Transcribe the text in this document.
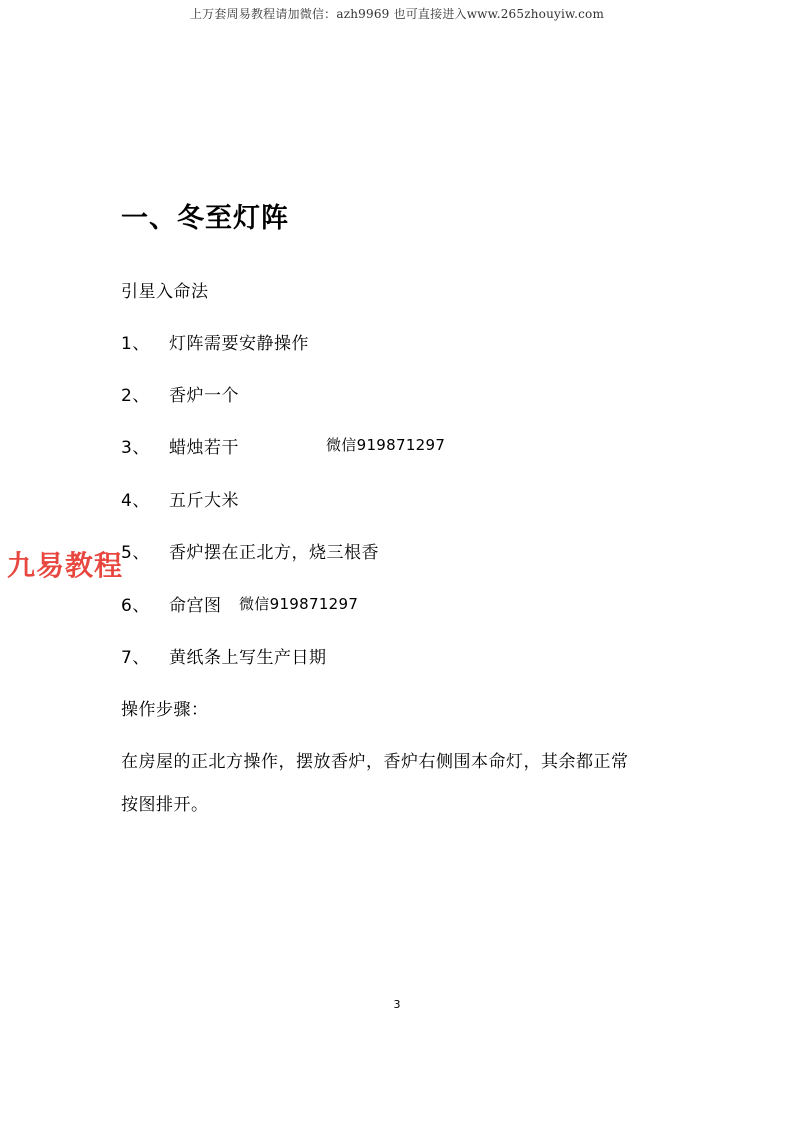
上万套周易教程请加微信：azh9969 也可直接进入www.265zhouyiw.com
一、冬至灯阵
引星入命法
1、 灯阵需要安静操作
2、 香炉一个
3、 蜡烛若干	微信919871297
4、 五斤大米
5、 香炉摆在正北方，烧三根香
6、 命宫图 微信919871297
7、 黄纸条上写生产日期
操作步骤：
在房屋的正北方操作，摆放香炉，香炉右侧围本命灯，其余都正常
按图排开。
九易教程
3
